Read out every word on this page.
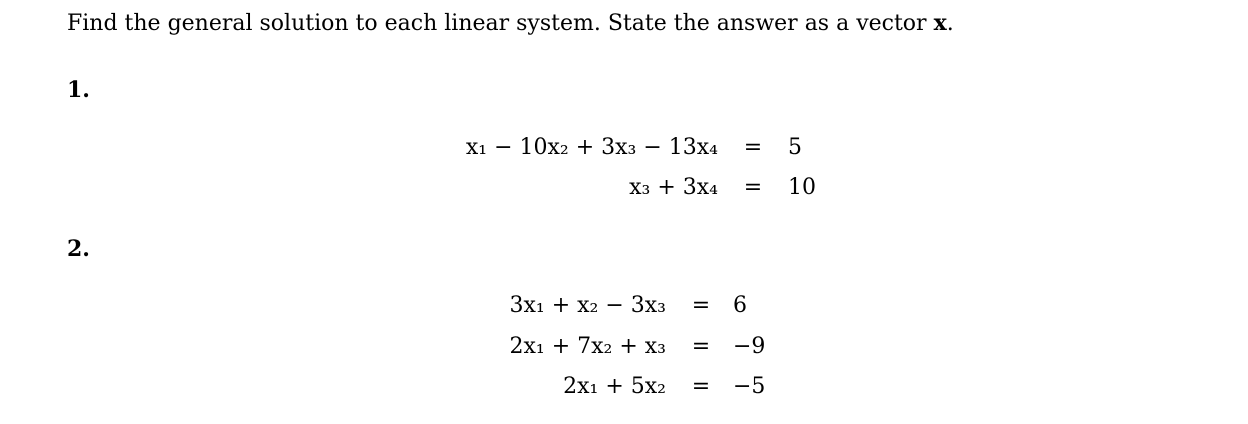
Find the general solution to each linear system. State the answer as a vector x.
1.
x₁ − 10x₂ + 3x₃ − 13x₄ = 5
x₃ + 3x₄ = 10
2.
3x₁ + x₂ − 3x₃ = 6
2x₁ + 7x₂ + x₃ = −9
2x₁ + 5x₂ = −5
